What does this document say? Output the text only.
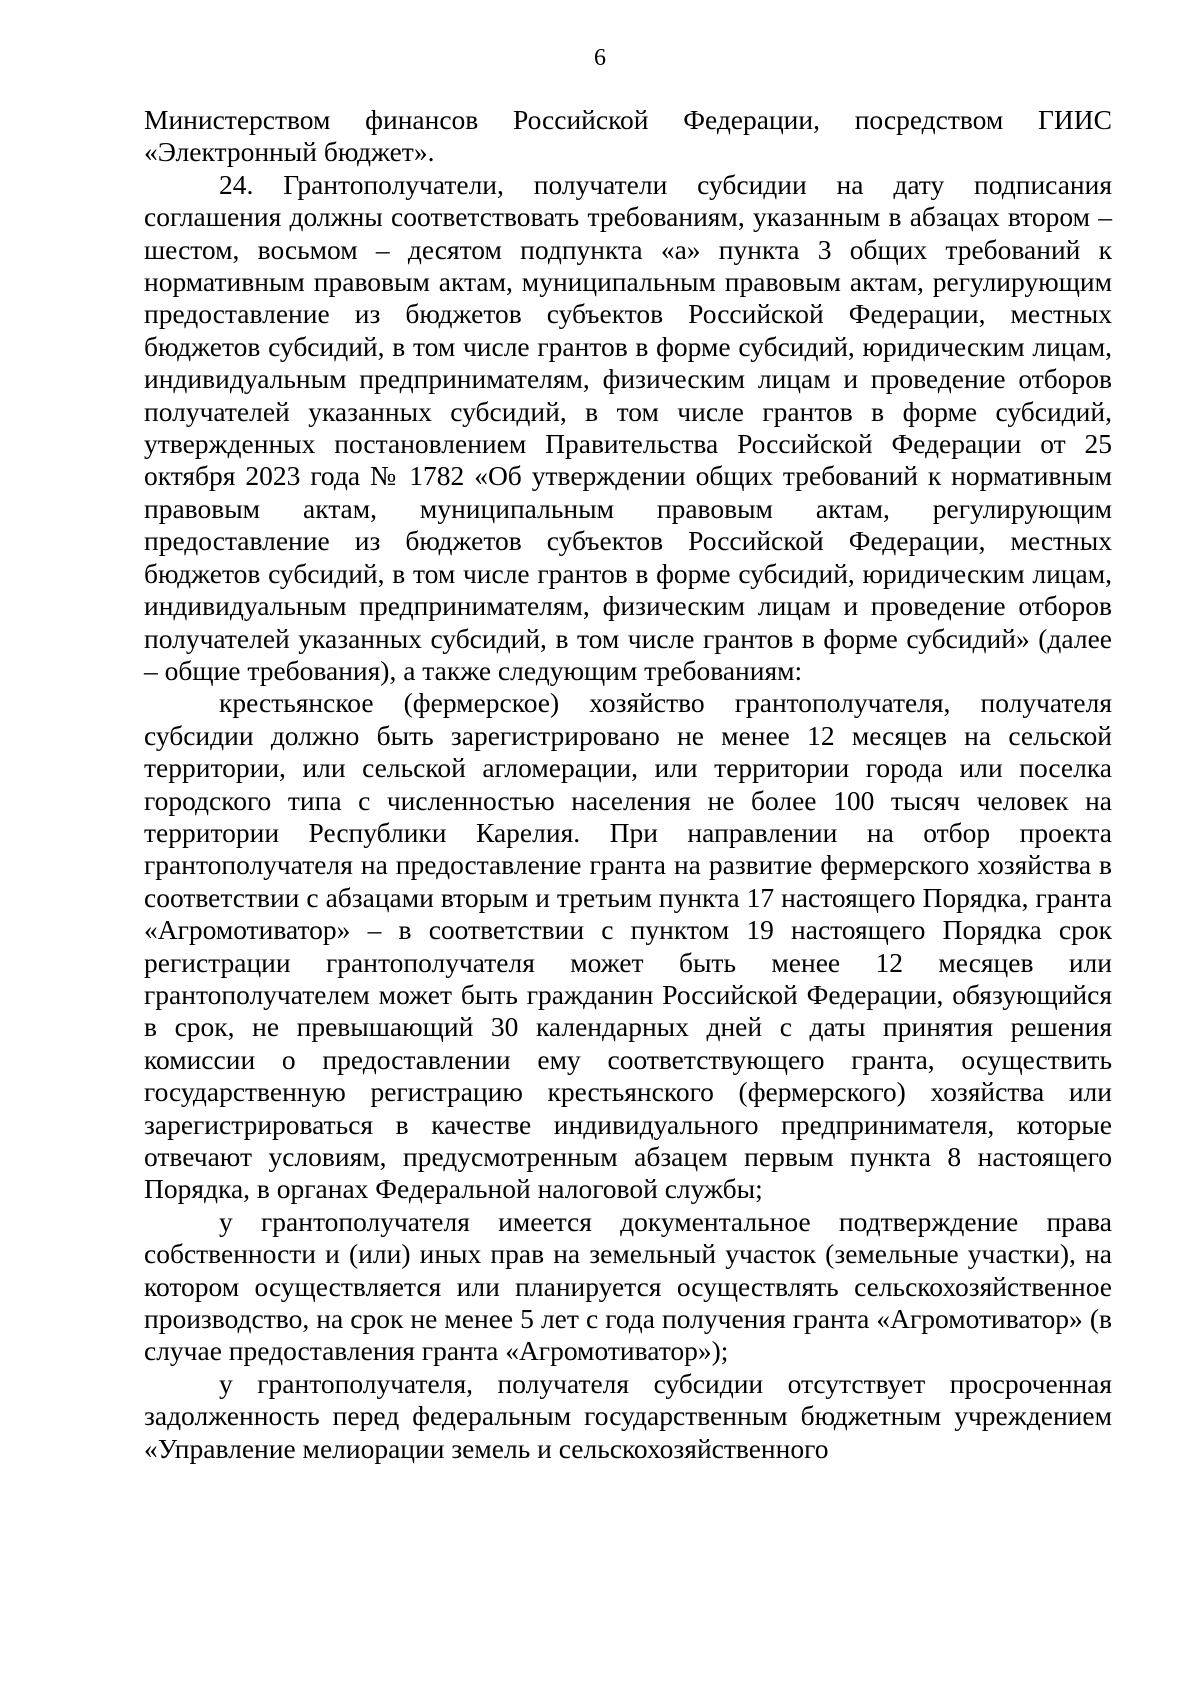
6

Министерством финансов Российской Федерации, посредством ГИИС «Электронный бюджет».

24. Грантополучатели, получатели субсидии на дату подписания соглашения должны соответствовать требованиям, указанным в абзацах втором – шестом, восьмом – десятом подпункта «а» пункта 3 общих требований к нормативным правовым актам, муниципальным правовым актам, регулирующим предоставление из бюджетов субъектов Российской Федерации, местных бюджетов субсидий, в том числе грантов в форме субсидий, юридическим лицам, индивидуальным предпринимателям, физическим лицам и проведение отборов получателей указанных субсидий, в том числе грантов в форме субсидий, утвержденных постановлением Правительства Российской Федерации от 25 октября 2023 года № 1782 «Об утверждении общих требований к нормативным правовым актам, муниципальным правовым актам, регулирующим предоставление из бюджетов субъектов Российской Федерации, местных бюджетов субсидий, в том числе грантов в форме субсидий, юридическим лицам, индивидуальным предпринимателям, физическим лицам и проведение отборов получателей указанных субсидий, в том числе грантов в форме субсидий» (далее – общие требования), а также следующим требованиям:

крестьянское (фермерское) хозяйство грантополучателя, получателя субсидии должно быть зарегистрировано не менее 12 месяцев на сельской территории, или сельской агломерации, или территории города или поселка городского типа с численностью населения не более 100 тысяч человек на территории Республики Карелия. При направлении на отбор проекта грантополучателя на предоставление гранта на развитие фермерского хозяйства в соответствии с абзацами вторым и третьим пункта 17 настоящего Порядка, гранта «Агромотиватор» – в соответствии с пунктом 19 настоящего Порядка срок регистрации грантополучателя может быть менее 12 месяцев или грантополучателем может быть гражданин Российской Федерации, обязующийся в срок, не превышающий 30 календарных дней с даты принятия решения комиссии о предоставлении ему соответствующего гранта, осуществить государственную регистрацию крестьянского (фермерского) хозяйства или зарегистрироваться в качестве индивидуального предпринимателя, которые отвечают условиям, предусмотренным абзацем первым пункта 8 настоящего Порядка, в органах Федеральной налоговой службы;

у грантополучателя имеется документальное подтверждение права собственности и (или) иных прав на земельный участок (земельные участки), на котором осуществляется или планируется осуществлять сельскохозяйственное производство, на срок не менее 5 лет с года получения гранта «Агромотиватор» (в случае предоставления гранта «Агромотиватор»);

у грантополучателя, получателя субсидии отсутствует просроченная задолженность перед федеральным государственным бюджетным учреждением «Управление мелиорации земель и сельскохозяйственного
